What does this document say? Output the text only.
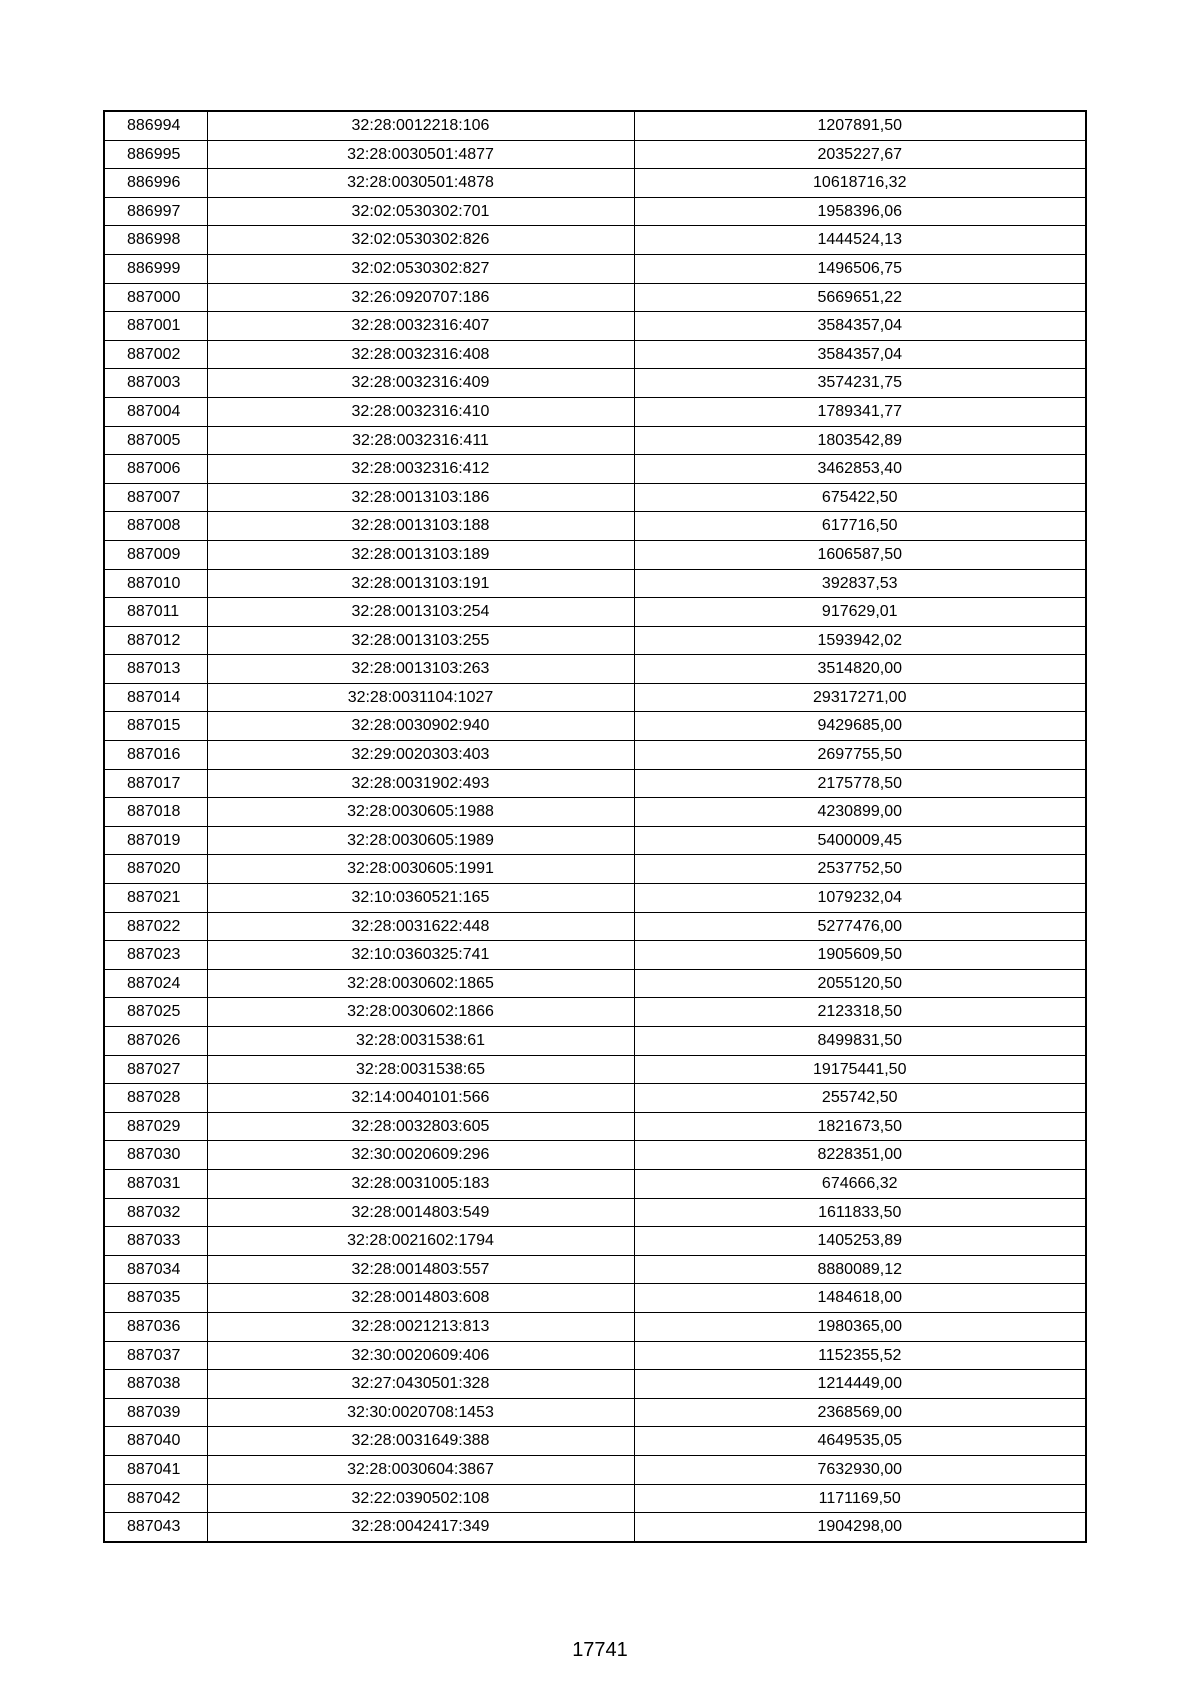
886994	32:28:0012218:106	1207891,50
886995	32:28:0030501:4877	2035227,67
886996	32:28:0030501:4878	10618716,32
886997	32:02:0530302:701	1958396,06
886998	32:02:0530302:826	1444524,13
886999	32:02:0530302:827	1496506,75
887000	32:26:0920707:186	5669651,22
887001	32:28:0032316:407	3584357,04
887002	32:28:0032316:408	3584357,04
887003	32:28:0032316:409	3574231,75
887004	32:28:0032316:410	1789341,77
887005	32:28:0032316:411	1803542,89
887006	32:28:0032316:412	3462853,40
887007	32:28:0013103:186	675422,50
887008	32:28:0013103:188	617716,50
887009	32:28:0013103:189	1606587,50
887010	32:28:0013103:191	392837,53
887011	32:28:0013103:254	917629,01
887012	32:28:0013103:255	1593942,02
887013	32:28:0013103:263	3514820,00
887014	32:28:0031104:1027	29317271,00
887015	32:28:0030902:940	9429685,00
887016	32:29:0020303:403	2697755,50
887017	32:28:0031902:493	2175778,50
887018	32:28:0030605:1988	4230899,00
887019	32:28:0030605:1989	5400009,45
887020	32:28:0030605:1991	2537752,50
887021	32:10:0360521:165	1079232,04
887022	32:28:0031622:448	5277476,00
887023	32:10:0360325:741	1905609,50
887024	32:28:0030602:1865	2055120,50
887025	32:28:0030602:1866	2123318,50
887026	32:28:0031538:61	8499831,50
887027	32:28:0031538:65	19175441,50
887028	32:14:0040101:566	255742,50
887029	32:28:0032803:605	1821673,50
887030	32:30:0020609:296	8228351,00
887031	32:28:0031005:183	674666,32
887032	32:28:0014803:549	1611833,50
887033	32:28:0021602:1794	1405253,89
887034	32:28:0014803:557	8880089,12
887035	32:28:0014803:608	1484618,00
887036	32:28:0021213:813	1980365,00
887037	32:30:0020609:406	1152355,52
887038	32:27:0430501:328	1214449,00
887039	32:30:0020708:1453	2368569,00
887040	32:28:0031649:388	4649535,05
887041	32:28:0030604:3867	7632930,00
887042	32:22:0390502:108	1171169,50
887043	32:28:0042417:349	1904298,00
17741
